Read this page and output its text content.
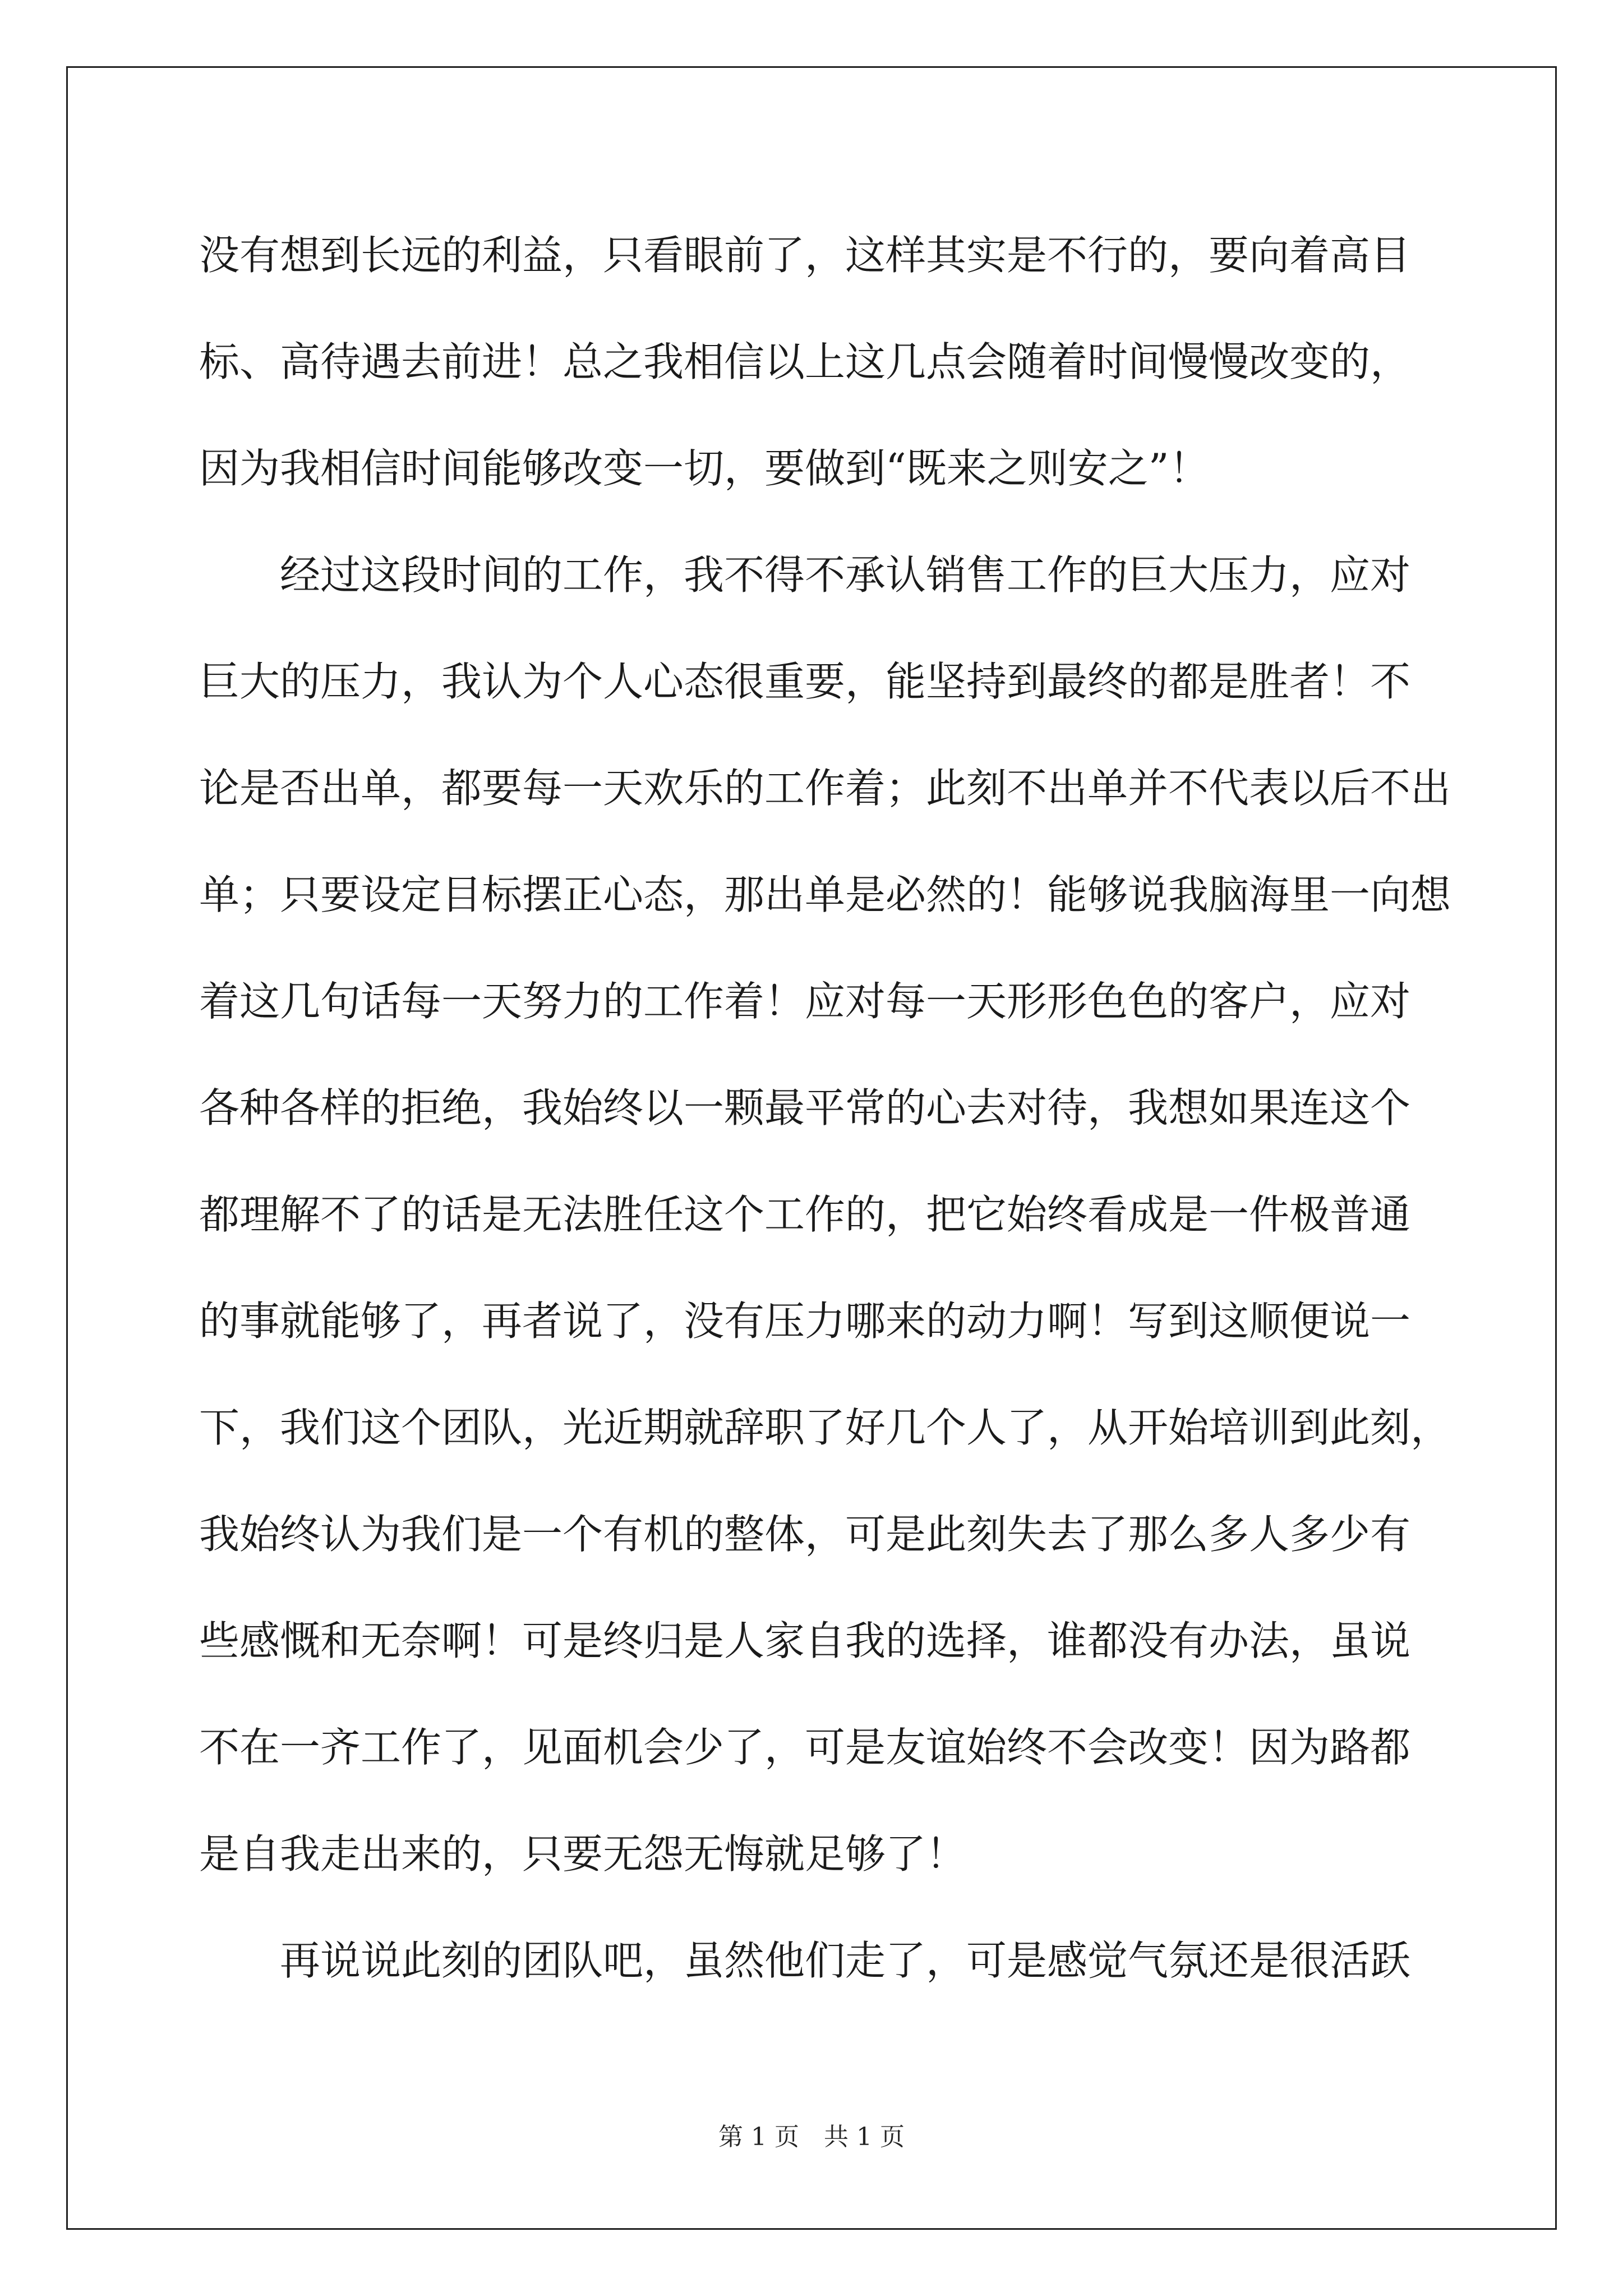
没有想到长远的利益，只看眼前了，这样其实是不行的，要向着高目
标、高待遇去前进！总之我相信以上这几点会随着时间慢慢改变的，
因为我相信时间能够改变一切，要做到“既来之则安之”！
　　经过这段时间的工作，我不得不承认销售工作的巨大压力，应对
巨大的压力，我认为个人心态很重要，能坚持到最终的都是胜者！不
论是否出单，都要每一天欢乐的工作着；此刻不出单并不代表以后不出
单；只要设定目标摆正心态，那出单是必然的！能够说我脑海里一向想
着这几句话每一天努力的工作着！应对每一天形形色色的客户，应对
各种各样的拒绝，我始终以一颗最平常的心去对待，我想如果连这个
都理解不了的话是无法胜任这个工作的，把它始终看成是一件极普通
的事就能够了，再者说了，没有压力哪来的动力啊！写到这顺便说一
下，我们这个团队，光近期就辞职了好几个人了，从开始培训到此刻，
我始终认为我们是一个有机的整体，可是此刻失去了那么多人多少有
些感慨和无奈啊！可是终归是人家自我的选择，谁都没有办法，虽说
不在一齐工作了，见面机会少了，可是友谊始终不会改变！因为路都
是自我走出来的，只要无怨无悔就足够了！
　　再说说此刻的团队吧，虽然他们走了，可是感觉气氛还是很活跃
第 1 页　共 1 页
